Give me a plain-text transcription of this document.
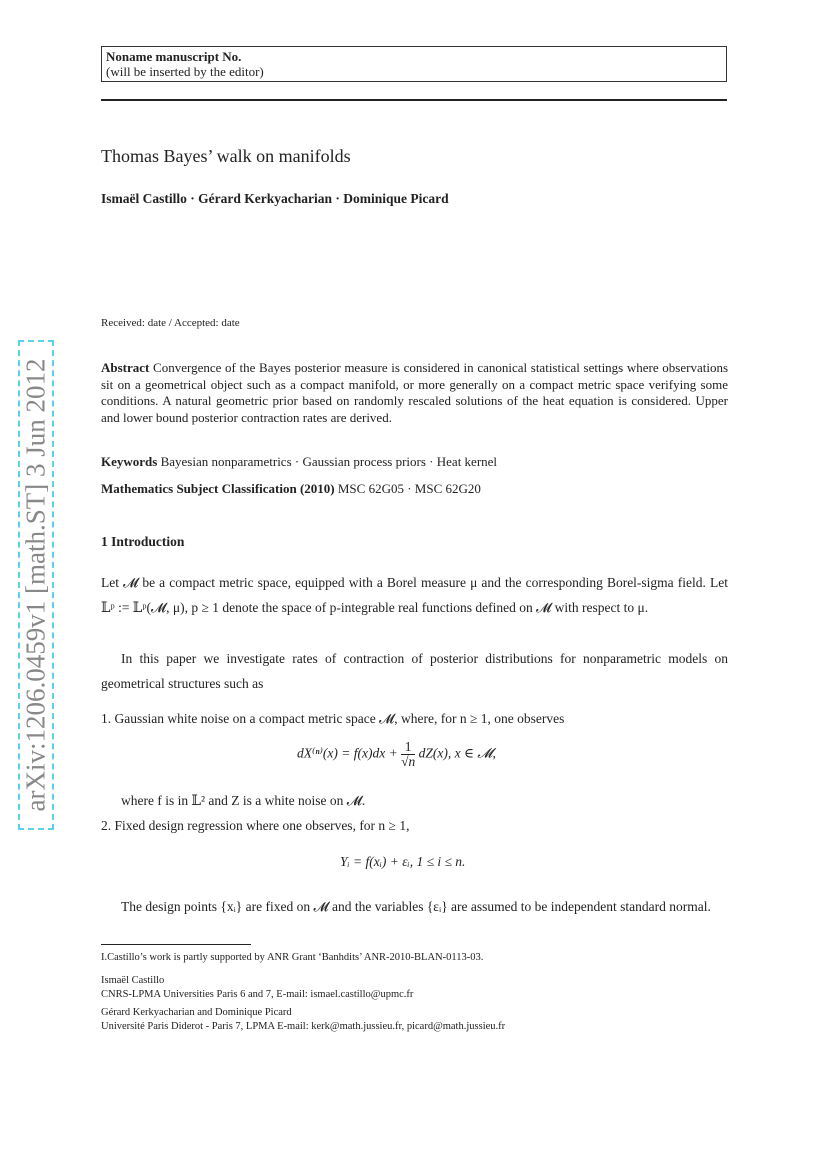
Noname manuscript No.
(will be inserted by the editor)
Thomas Bayes’ walk on manifolds
Ismaël Castillo · Gérard Kerkyacharian · Dominique Picard
Received: date / Accepted: date
Abstract Convergence of the Bayes posterior measure is considered in canonical statistical settings where observations sit on a geometrical object such as a compact manifold, or more generally on a compact metric space verifying some conditions. A natural geometric prior based on randomly rescaled solutions of the heat equation is considered. Upper and lower bound posterior contraction rates are derived.
Keywords Bayesian nonparametrics · Gaussian process priors · Heat kernel
Mathematics Subject Classification (2010) MSC 62G05 · MSC 62G20
1 Introduction
Let 𝓜 be a compact metric space, equipped with a Borel measure μ and the corresponding Borel-sigma field. Let 𝕃ᵖ := 𝕃ᵖ(𝓜, μ), p ≥ 1 denote the space of p-integrable real functions defined on 𝓜 with respect to μ.
In this paper we investigate rates of contraction of posterior distributions for nonparametric models on geometrical structures such as
1. Gaussian white noise on a compact metric space 𝓜, where, for n ≥ 1, one observes
$dX^{(n)}(x) = f(x)dx + \frac{1}{√n} dZ(x)$, x ∈ 𝓜,
where f is in 𝕃² and Z is a white noise on 𝓜.
2. Fixed design regression where one observes, for n ≥ 1,
Yᵢ = f(xᵢ) + εᵢ, 1 ≤ i ≤ n.
The design points {xᵢ} are fixed on 𝓜 and the variables {εᵢ} are assumed to be independent standard normal.
I.Castillo’s work is partly supported by ANR Grant ‘Banhdits’ ANR-2010-BLAN-0113-03.
Ismaël Castillo
CNRS-LPMA Universities Paris 6 and 7, E-mail: ismael.castillo@upmc.fr
Gérard Kerkyacharian and Dominique Picard
Université Paris Diderot - Paris 7, LPMA E-mail: kerk@math.jussieu.fr, picard@math.jussieu.fr
arXiv:1206.0459v1 [math.ST] 3 Jun 2012
